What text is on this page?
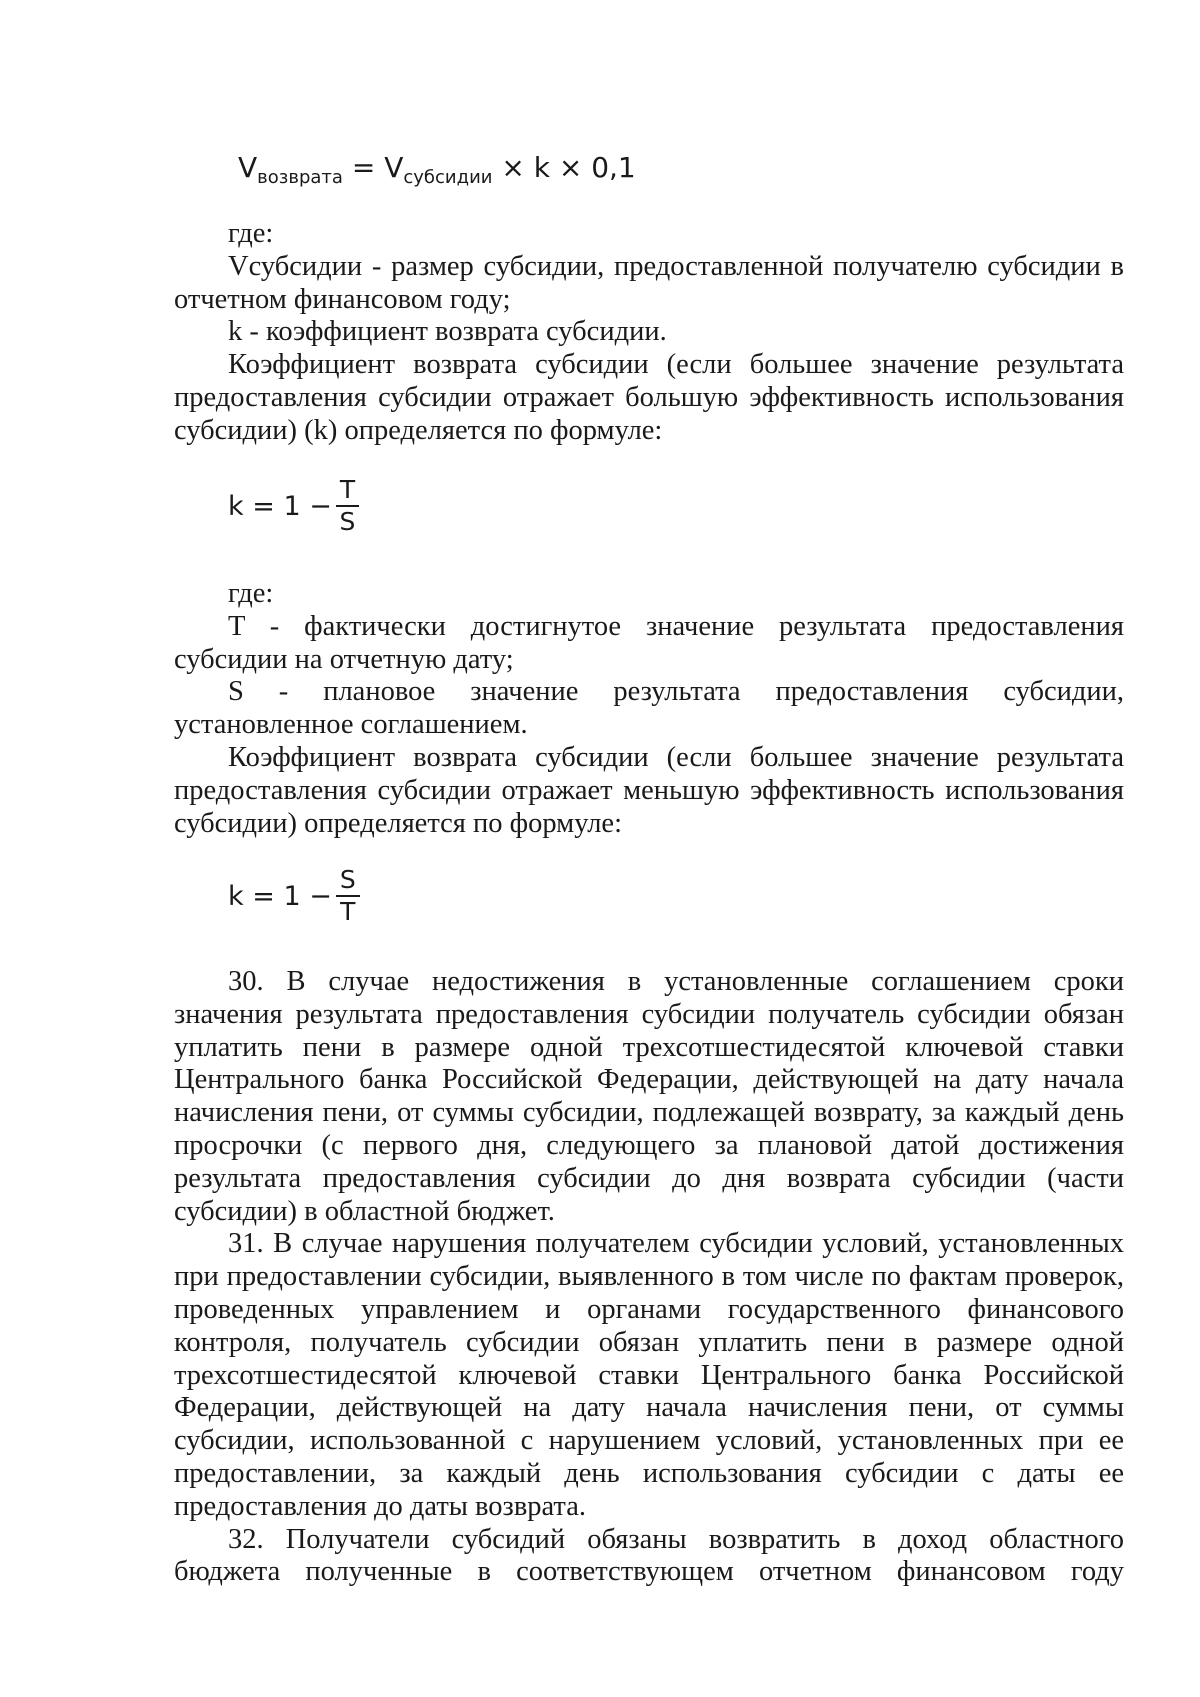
$V_{возврата} = V_{субсидии} \times k \times 0,1$

где:

Vсубсидии - размер субсидии, предоставленной получателю субсидии в отчетном финансовом году;

k - коэффициент возврата субсидии.

Коэффициент возврата субсидии (если большее значение результата предоставления субсидии отражает большую эффективность использования субсидии) (k) определяется по формуле:

k
= $1 - \frac{T}{S}$

где:

T - фактически достигнутое значение результата предоставления субсидии на отчетную дату;

S - плановое значение результата предоставления субсидии, установленное соглашением.

Коэффициент возврата субсидии (если большее значение результата предоставления субсидии отражает меньшую эффективность использования субсидии) определяется по формуле:

k
= $1 - \frac{S}{T}$

30. В случае недостижения в установленные соглашением сроки значения результата предоставления субсидии получатель субсидии обязан уплатить пени в размере одной трехсотшестидесятой ключевой ставки Центрального банка Российской Федерации, действующей на дату начала начисления пени, от суммы субсидии, подлежащей возврату, за каждый день просрочки (с первого дня, следующего за плановой датой достижения результата предоставления субсидии до дня возврата субсидии (части субсидии) в областной бюджет.

31. В случае нарушения получателем субсидии условий, установленных при предоставлении субсидии, выявленного в том числе по фактам проверок, проведенных управлением и органами государственного финансового контроля, получатель субсидии обязан уплатить пени в размере одной трехсотшестидесятой ключевой ставки Центрального банка Российской Федерации, действующей на дату начала начисления пени, от суммы субсидии, использованной с нарушением условий, установленных при ее предоставлении, за каждый день использования субсидии с даты ее предоставления до даты возврата.

32. Получатели субсидий обязаны возвратить в доход областного бюджета полученные в соответствующем отчетном финансовом году
